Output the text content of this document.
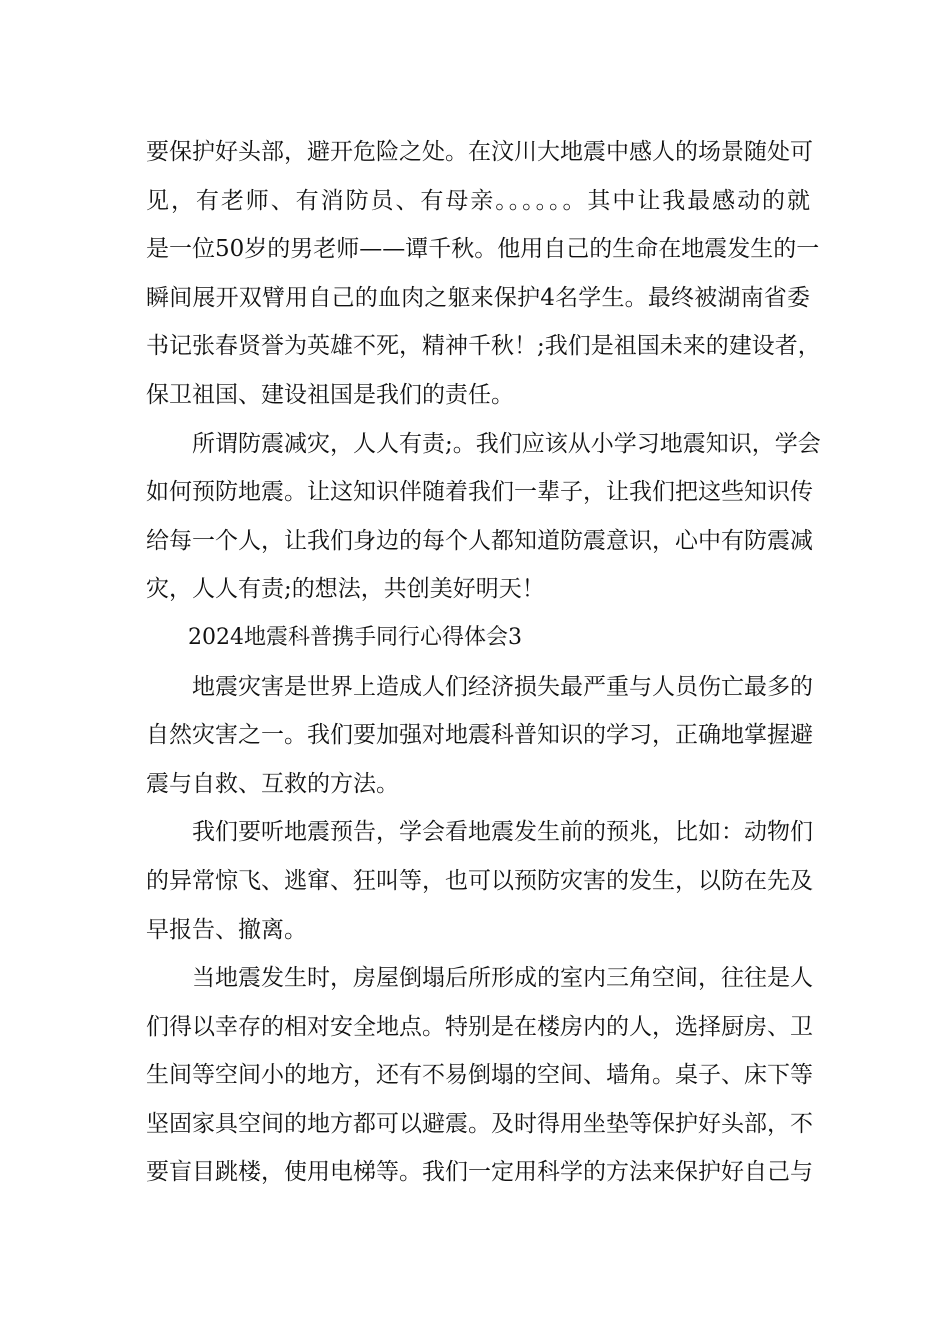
要保护好头部，避开危险之处。在汶川大地震中感人的场景随处可
见，有老师、有消防员、有母亲。。。。。。其中让我最感动的就
是一位50岁的男老师——谭千秋。他用自己的生命在地震发生的一
瞬间展开双臂用自己的血肉之躯来保护4名学生。最终被湖南省委
书记张春贤誉为英雄不死，精神千秋！;我们是祖国未来的建设者，
保卫祖国、建设祖国是我们的责任。
所谓防震减灾，人人有责;。我们应该从小学习地震知识，学会
如何预防地震。让这知识伴随着我们一辈子，让我们把这些知识传
给每一个人，让我们身边的每个人都知道防震意识，心中有防震减
灾，人人有责;的想法，共创美好明天！
2024地震科普携手同行心得体会3
地震灾害是世界上造成人们经济损失最严重与人员伤亡最多的
自然灾害之一。我们要加强对地震科普知识的学习，正确地掌握避
震与自救、互救的方法。
我们要听地震预告，学会看地震发生前的预兆，比如：动物们
的异常惊飞、逃窜、狂叫等，也可以预防灾害的发生，以防在先及
早报告、撤离。
当地震发生时，房屋倒塌后所形成的室内三角空间，往往是人
们得以幸存的相对安全地点。特别是在楼房内的人，选择厨房、卫
生间等空间小的地方，还有不易倒塌的空间、墙角。桌子、床下等
坚固家具空间的地方都可以避震。及时得用坐垫等保护好头部，不
要盲目跳楼，使用电梯等。我们一定用科学的方法来保护好自己与
